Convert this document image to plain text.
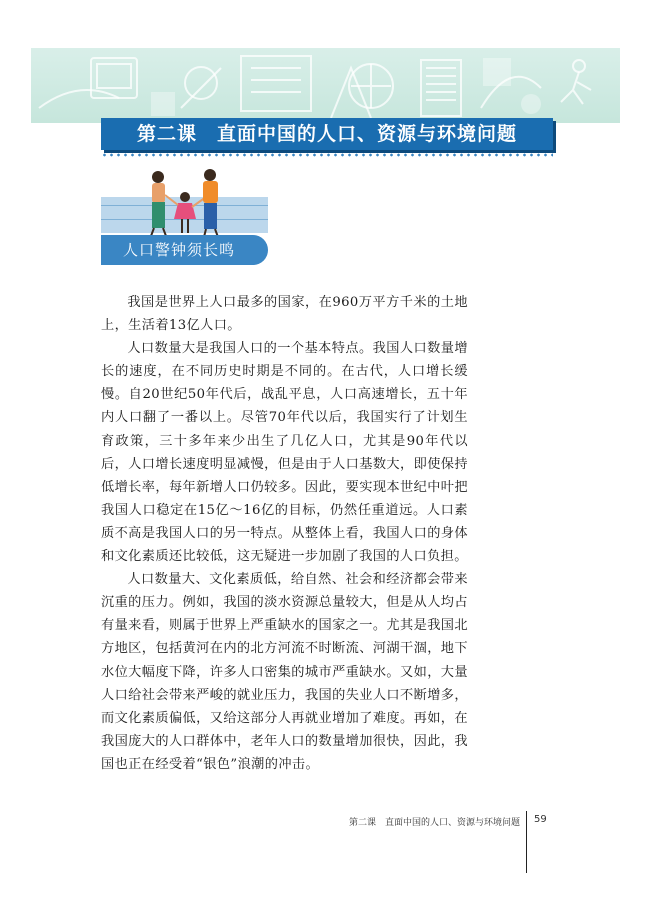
第二课　直面中国的人口、资源与环境问题
人口警钟须长鸣

我国是世界上人口最多的国家，在960万平方千米的土地上，生活着13亿人口。

人口数量大是我国人口的一个基本特点。我国人口数量增长的速度，在不同历史时期是不同的。在古代，人口增长缓慢。自20世纪50年代后，战乱平息，人口高速增长，五十年内人口翻了一番以上。尽管70年代以后，我国实行了计划生育政策，三十多年来少出生了几亿人口，尤其是90年代以后，人口增长速度明显减慢，但是由于人口基数大，即使保持低增长率，每年新增人口仍较多。因此，要实现本世纪中叶把我国人口稳定在15亿～16亿的目标，仍然任重道远。人口素质不高是我国人口的另一特点。从整体上看，我国人口的身体和文化素质还比较低，这无疑进一步加剧了我国的人口负担。

人口数量大、文化素质低，给自然、社会和经济都会带来沉重的压力。例如，我国的淡水资源总量较大，但是从人均占有量来看，则属于世界上严重缺水的国家之一。尤其是我国北方地区，包括黄河在内的北方河流不时断流、河湖干涸，地下水位大幅度下降，许多人口密集的城市严重缺水。又如，大量人口给社会带来严峻的就业压力，我国的失业人口不断增多，而文化素质偏低，又给这部分人再就业增加了难度。再如，在我国庞大的人口群体中，老年人口的数量增加很快，因此，我国也正在经受着“银色”浪潮的冲击。

第二课　直面中国的人口、资源与环境问题 59
